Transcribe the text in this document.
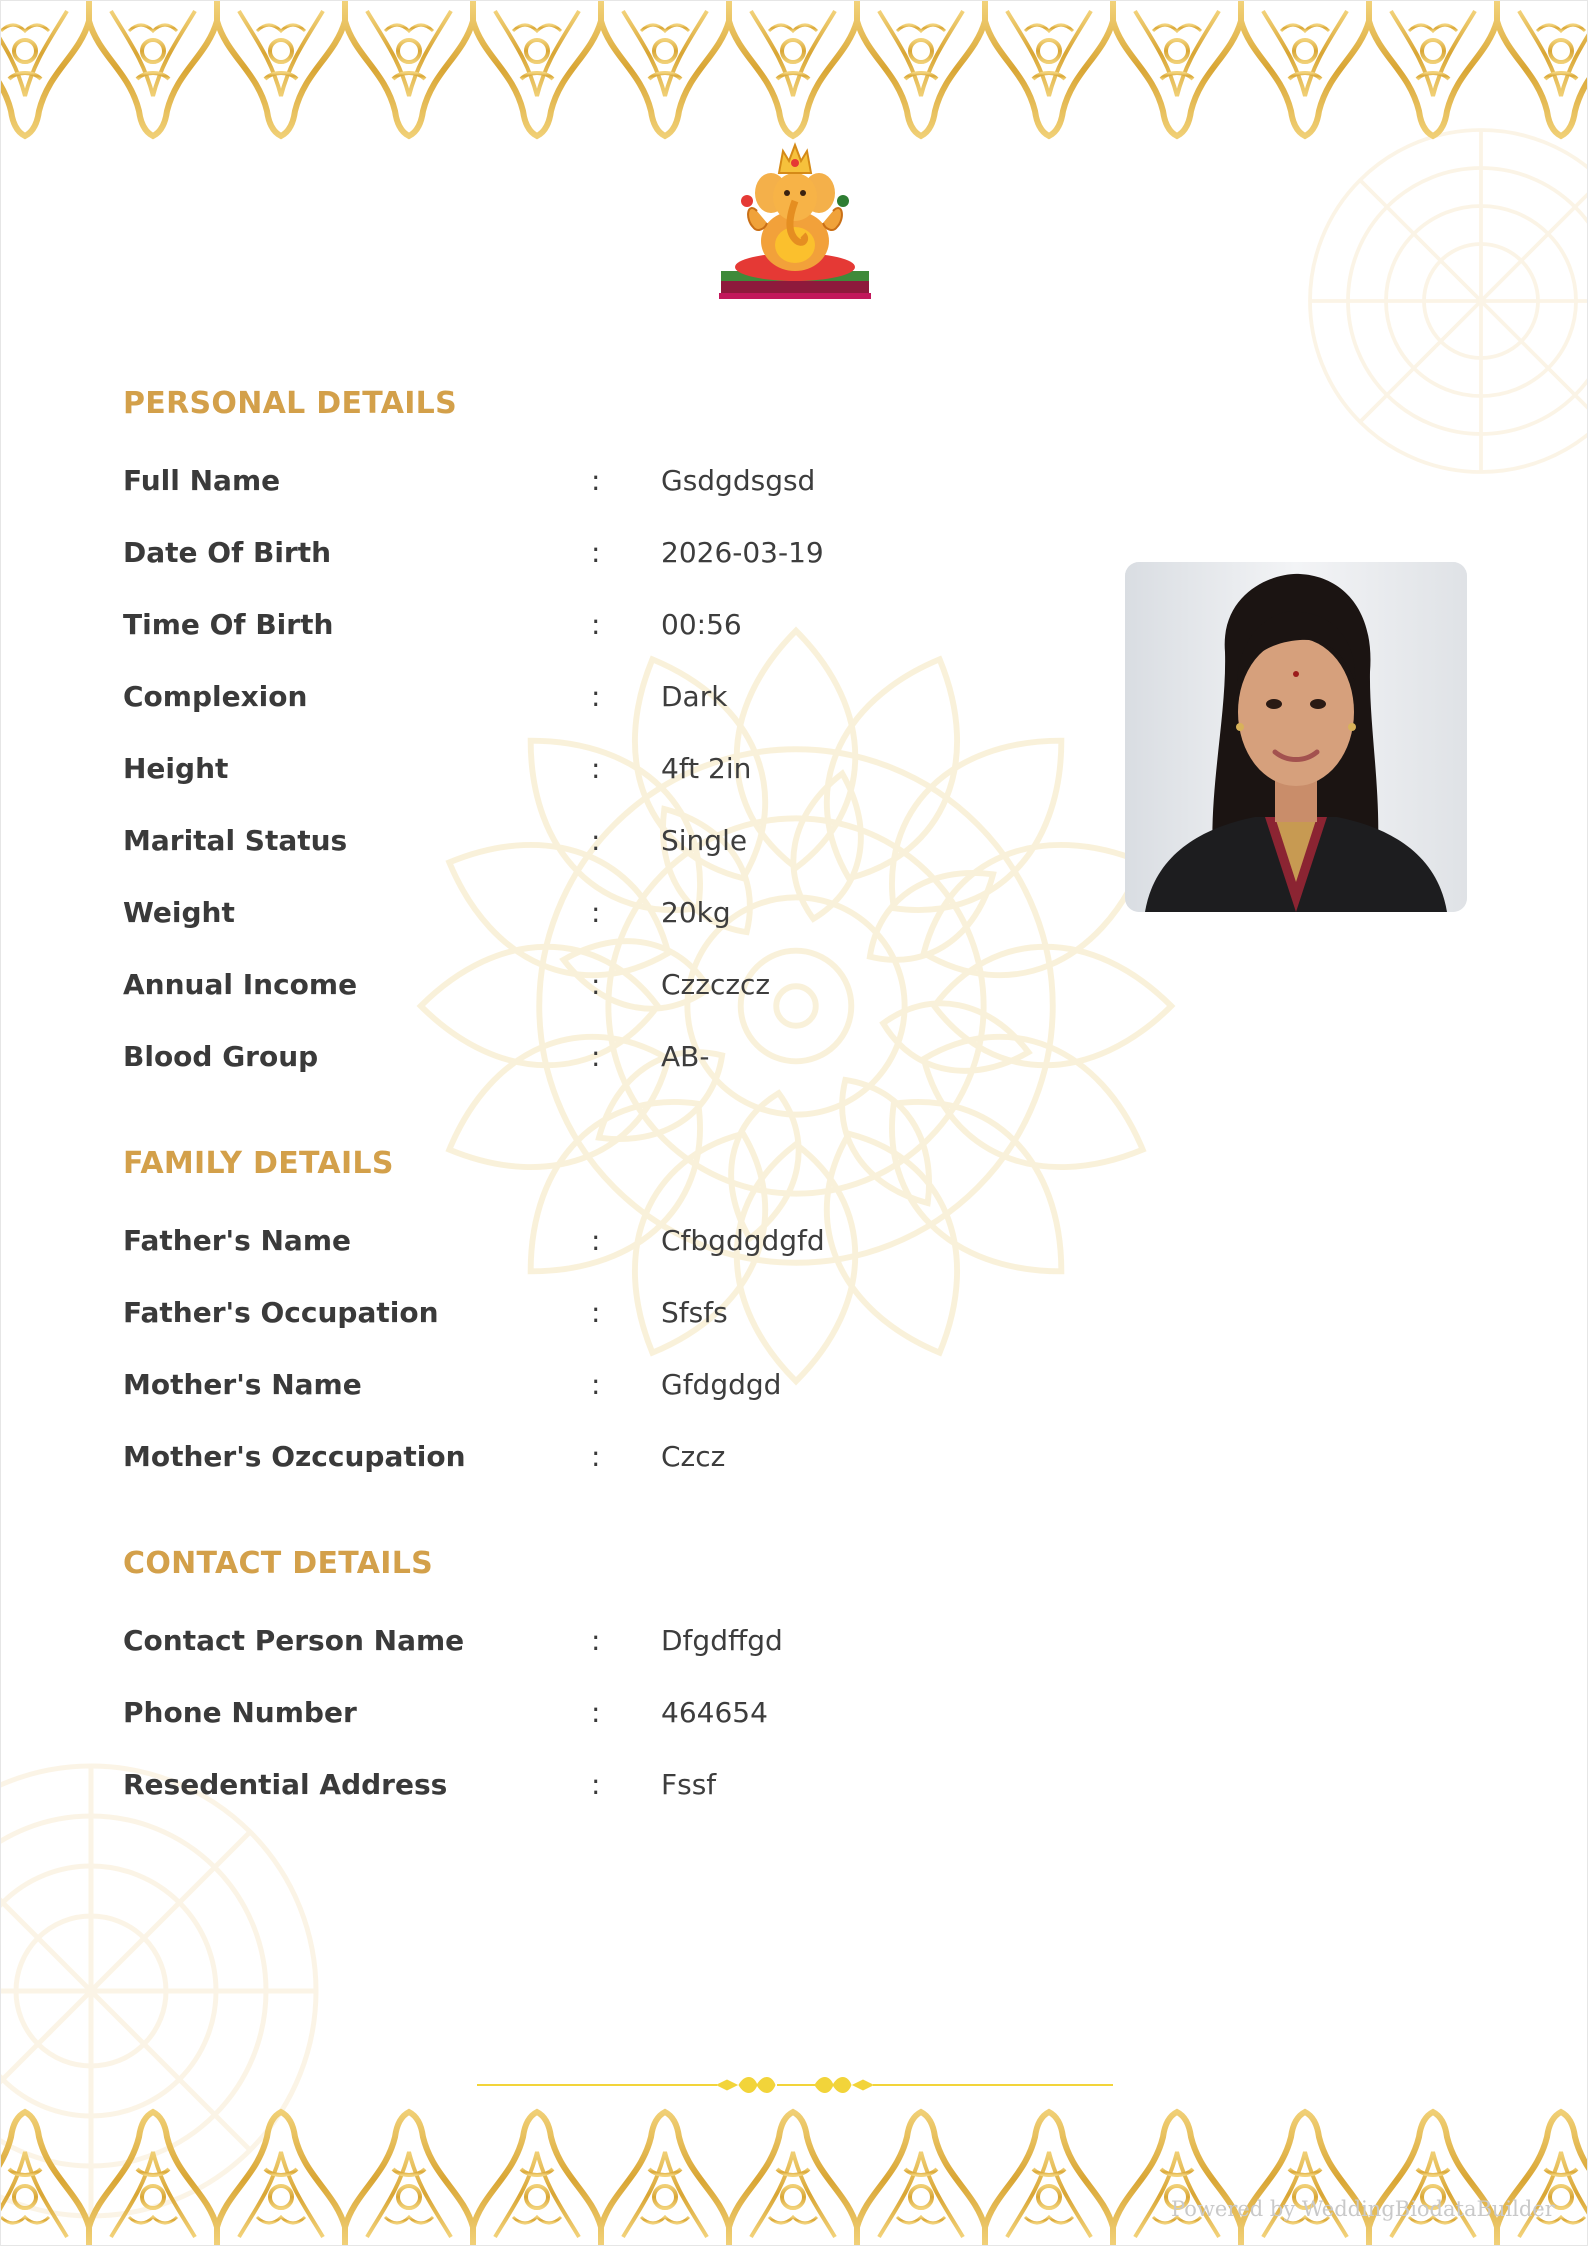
PERSONAL DETAILS
Full Name	: Gsdgdsgsd
Date Of Birth	: 2026-03-19
Time Of Birth	: 00:56
Complexion	: Dark
Height	: 4ft 2in
Marital Status	: Single
Weight	: 20kg
Annual Income	: Czzczcz
Blood Group	: AB-
FAMILY DETAILS
Father's Name	: Cfbgdgdgfd
Father's Occupation	: Sfsfs
Mother's Name	: Gfdgdgd
Mother's Ozccupation	: Czcz
CONTACT DETAILS
Contact Person Name	: Dfgdffgd
Phone Number	: 464654
Resedential Address	: Fssf
Powered by WeddingBiodataBuilder
